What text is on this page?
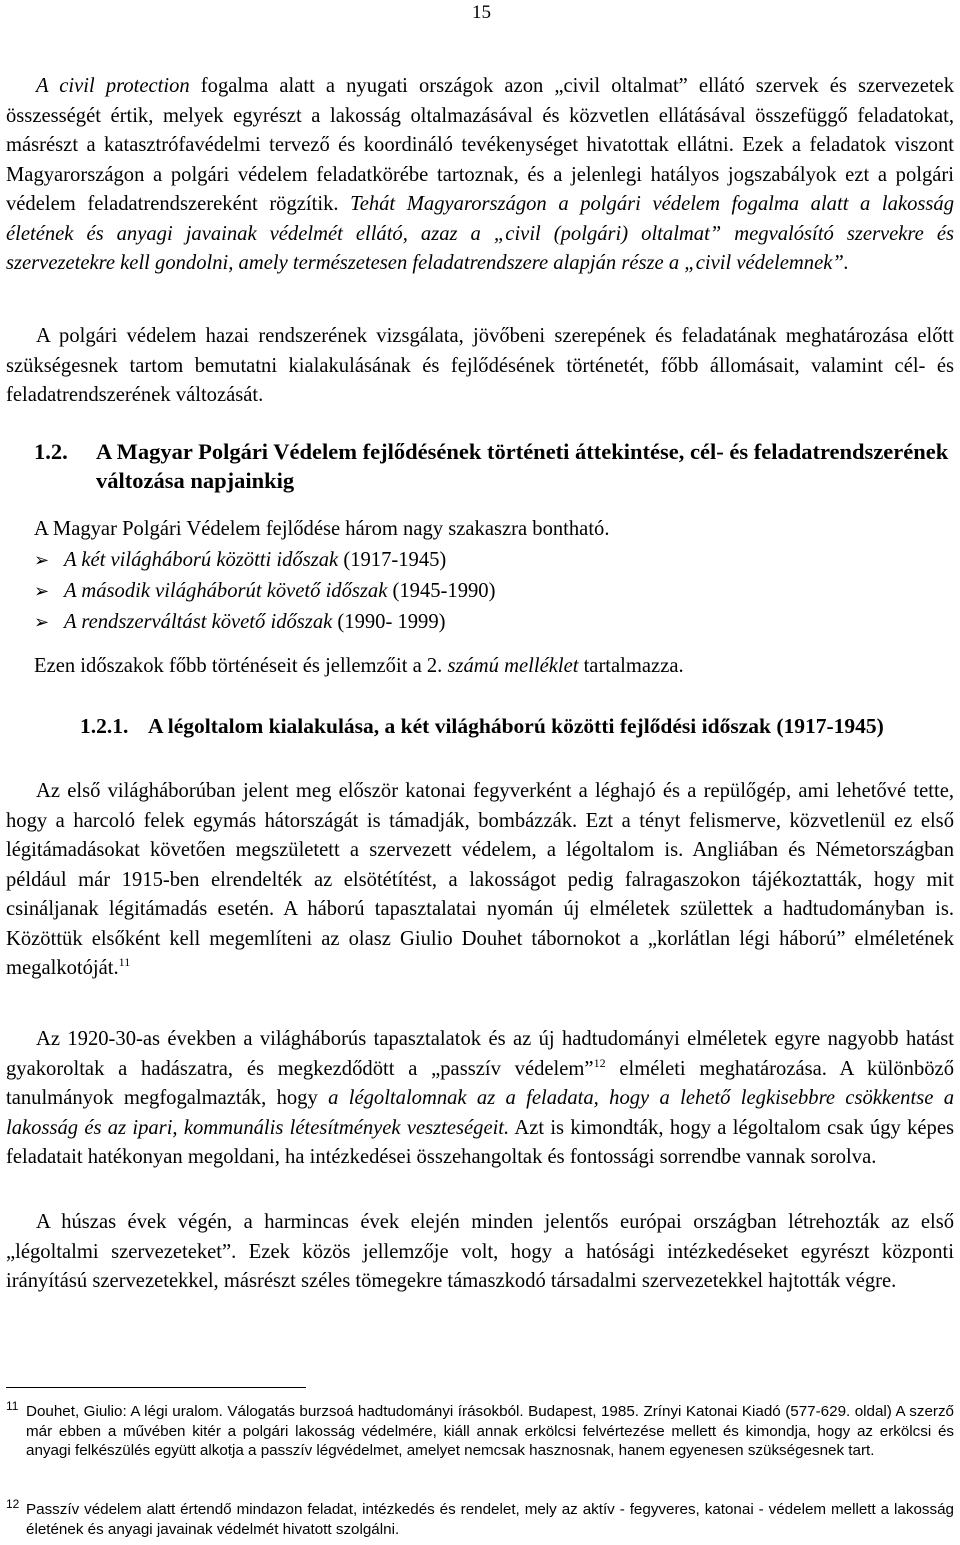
15
A civil protection fogalma alatt a nyugati országok azon „civil oltalmat” ellátó szervek és szervezetek összességét értik, melyek egyrészt a lakosság oltalmazásával és közvetlen ellátásával összefüggő feladatokat, másrészt a katasztrófavédelmi tervező és koordináló tevékenységet hivatottak ellátni. Ezek a feladatok viszont Magyarországon a polgári védelem feladatkörébe tartoznak, és a jelenlegi hatályos jogszabályok ezt a polgári védelem feladatrendszereként rögzítik. Tehát Magyarországon a polgári védelem fogalma alatt a lakosság életének és anyagi javainak védelmét ellátó, azaz a „civil (polgári) oltalmat” megvalósító szervekre és szervezetekre kell gondolni, amely természetesen feladatrendszere alapján része a „civil védelemnek”.
A polgári védelem hazai rendszerének vizsgálata, jövőbeni szerepének és feladatának meghatározása előtt szükségesnek tartom bemutatni kialakulásának és fejlődésének történetét, főbb állomásait, valamint cél- és feladatrendszerének változását.
1.2. A Magyar Polgári Védelem fejlődésének történeti áttekintése, cél- és feladatrendszerének változása napjainkig
A Magyar Polgári Védelem fejlődése három nagy szakaszra bontható.
➢ A két világháború közötti időszak (1917-1945)
➢ A második világháborút követő időszak (1945-1990)
➢ A rendszerváltást követő időszak (1990- 1999)
Ezen időszakok főbb történéseit és jellemzőit a 2. számú melléklet tartalmazza.
1.2.1. A légoltalom kialakulása, a két világháború közötti fejlődési időszak (1917-1945)
Az első világháborúban jelent meg először katonai fegyverként a léghajó és a repülőgép, ami lehetővé tette, hogy a harcoló felek egymás hátországát is támadják, bombázzák. Ezt a tényt felismerve, közvetlenül ez első légitámadásokat követően megszületett a szervezett védelem, a légoltalom is. Angliában és Németországban például már 1915-ben elrendelték az elsötétítést, a lakosságot pedig falragaszokon tájékoztatták, hogy mit csináljanak légitámadás esetén. A háború tapasztalatai nyomán új elméletek születtek a hadtudományban is. Közöttük elsőként kell megemlíteni az olasz Giulio Douhet tábornokot a „korlátlan légi háború” elméletének megalkotóját.$^{11}$
Az 1920-30-as években a világháborús tapasztalatok és az új hadtudományi elméletek egyre nagyobb hatást gyakoroltak a hadászatra, és megkezdődött a „passzív védelem”$^{12}$ elméleti meghatározása. A különböző tanulmányok megfogalmazták, hogy a légoltalomnak az a feladata, hogy a lehető legkisebbre csökkentse a lakosság és az ipari, kommunális létesítmények veszteségeit. Azt is kimondták, hogy a légoltalom csak úgy képes feladatait hatékonyan megoldani, ha intézkedései összehangoltak és fontossági sorrendbe vannak sorolva.
A húszas évek végén, a harmincas évek elején minden jelentős európai országban létrehozták az első „légoltalmi szervezeteket”. Ezek közös jellemzője volt, hogy a hatósági intézkedéseket egyrészt központi irányítású szervezetekkel, másrészt széles tömegekre támaszkodó társadalmi szervezetekkel hajtották végre.
11 Douhet, Giulio: A légi uralom. Válogatás burzsoá hadtudományi írásokból. Budapest, 1985. Zrínyi Katonai Kiadó (577-629. oldal) A szerző már ebben a művében kitér a polgári lakosság védelmére, kiáll annak erkölcsi felvértezése mellett és kimondja, hogy az erkölcsi és anyagi felkészülés együtt alkotja a passzív légvédelmet, amelyet nemcsak hasznosnak, hanem egyenesen szükségesnek tart.
12 Passzív védelem alatt értendő mindazon feladat, intézkedés és rendelet, mely az aktív - fegyveres, katonai - védelem mellett a lakosság életének és anyagi javainak védelmét hivatott szolgálni.
